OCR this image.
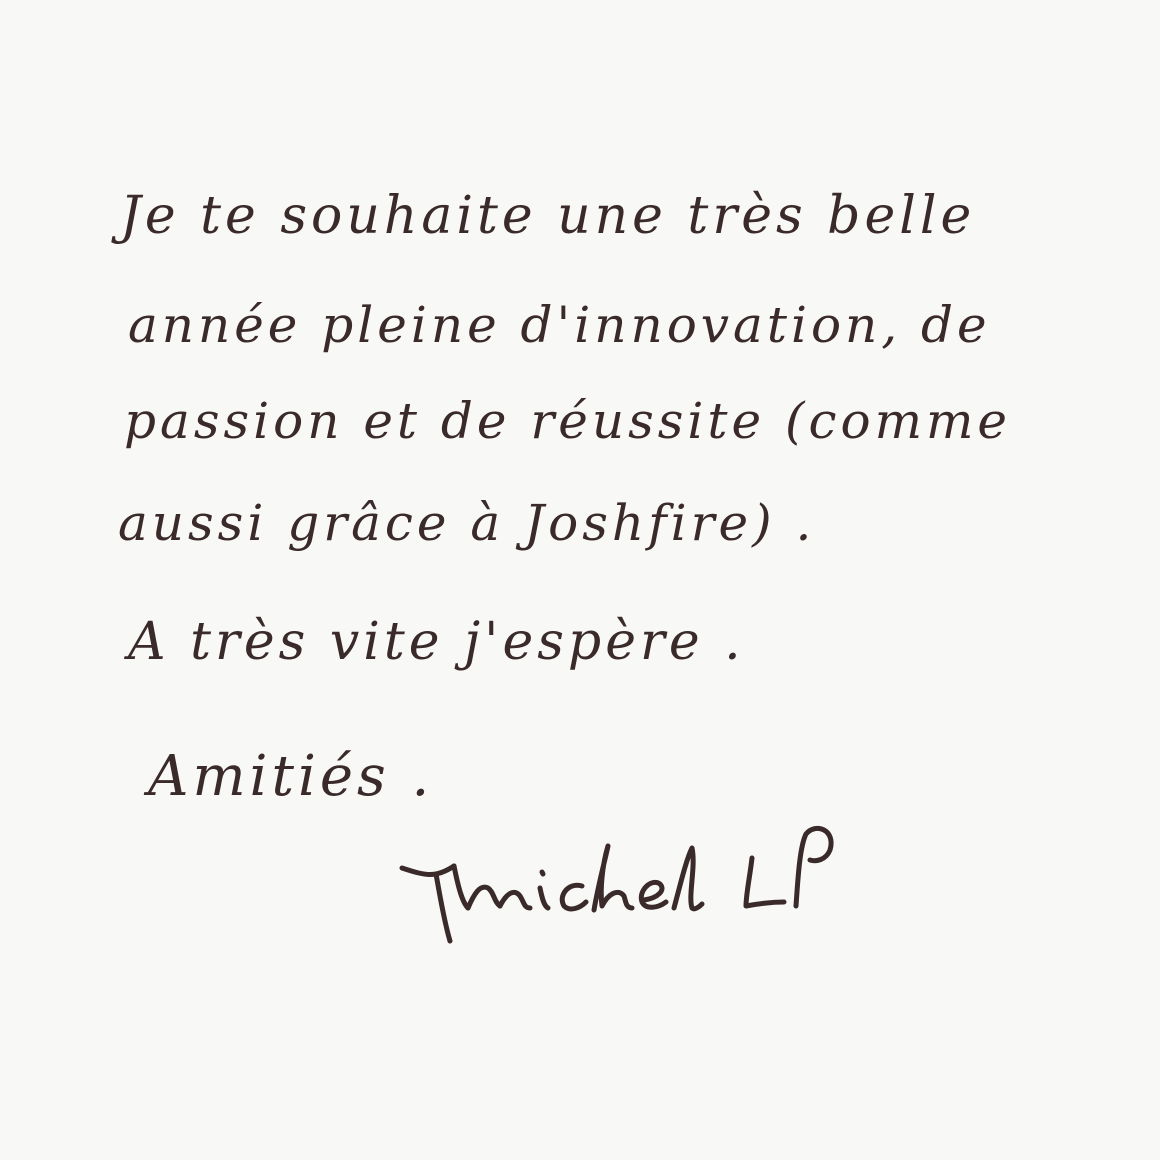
Je te souhaite une très belle
année pleine d'innovation, de
passion et de réussite (comme
aussi grâce à Joshfire) .
A très vite j'espère .
Amitiés .
